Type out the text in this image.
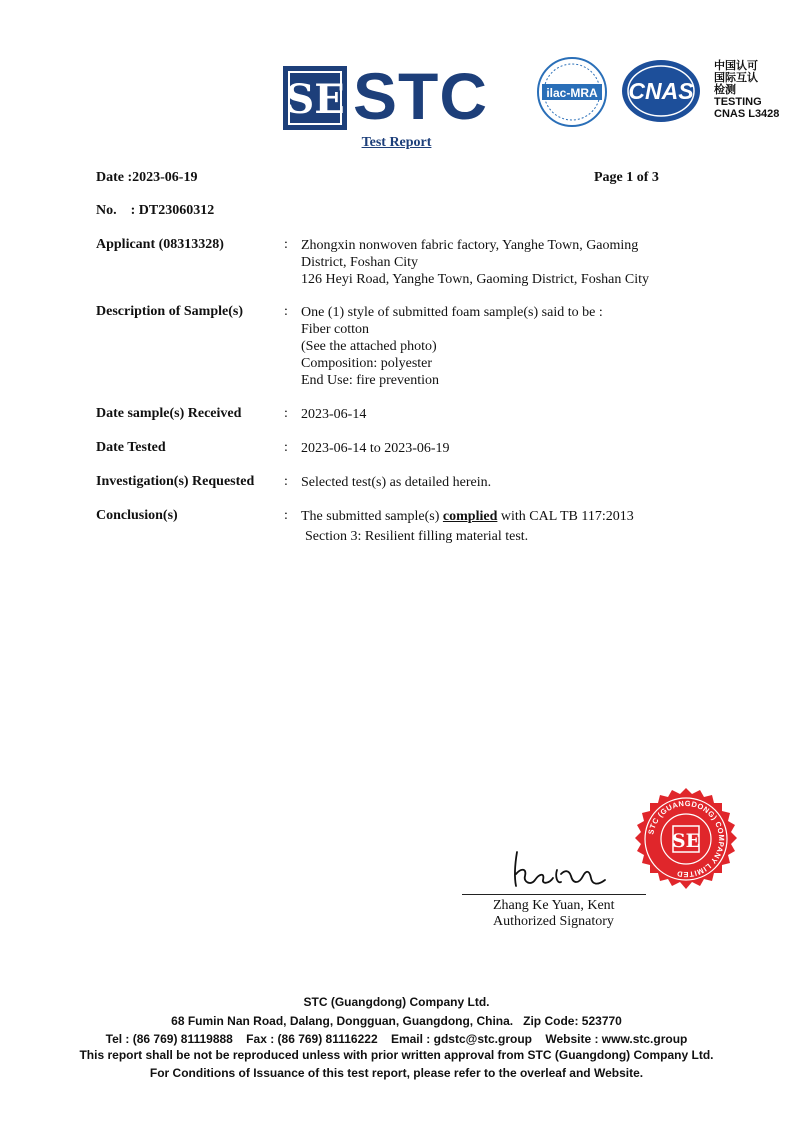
SE STC	ilac-MRA CNAS
中国认可
国际互认
检测
TESTING
CNAS L3428
Test Report
Date :2023-06-19	Page 1 of 3
No.    : DT23060312
Applicant (08313328)	: Zhongxin nonwoven fabric factory, Yanghe Town, Gaoming
District, Foshan City
126 Heyi Road, Yanghe Town, Gaoming District, Foshan City
Description of Sample(s)	: One (1) style of submitted foam sample(s) said to be :
Fiber cotton
(See the attached photo)
Composition: polyester
End Use: fire prevention
Date sample(s) Received	: 2023-06-14
Date Tested	: 2023-06-14 to 2023-06-19
Investigation(s) Requested : Selected test(s) as detailed herein.
Conclusion(s)	: The submitted sample(s) complied with CAL TB 117:2013
Section 3: Resilient filling material test.
Zhang Ke Yuan, Kent
Authorized Signatory
STC (GUANGDONG) COMPANY LIMITED
SE
STC (Guangdong) Company Ltd.
68 Fumin Nan Road, Dalang, Dongguan, Guangdong, China.   Zip Code: 523770
Tel : (86 769) 81119888    Fax : (86 769) 81116222    Email : gdstc@stc.group    Website : www.stc.group
This report shall be not be reproduced unless with prior written approval from STC (Guangdong) Company Ltd.
For Conditions of Issuance of this test report, please refer to the overleaf and Website.
